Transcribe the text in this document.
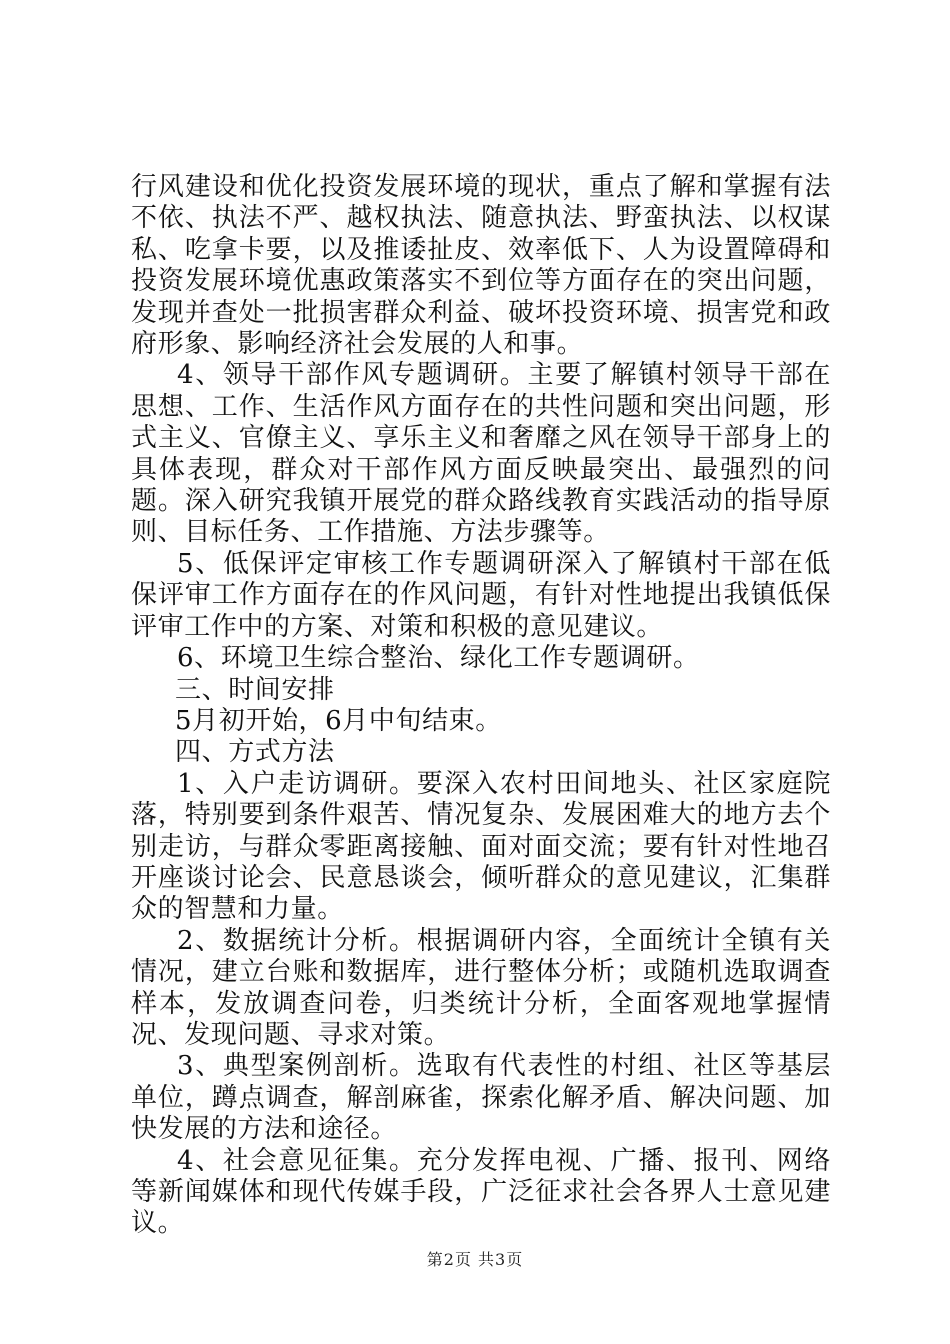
行风建设和优化投资发展环境的现状，重点了解和掌握有法不依、执法不严、越权执法、随意执法、野蛮执法、以权谋私、吃拿卡要，以及推诿扯皮、效率低下、人为设置障碍和投资发展环境优惠政策落实不到位等方面存在的突出问题，发现并查处一批损害群众利益、破坏投资环境、损害党和政府形象、影响经济社会发展的人和事。

4、领导干部作风专题调研。主要了解镇村领导干部在思想、工作、生活作风方面存在的共性问题和突出问题，形式主义、官僚主义、享乐主义和奢靡之风在领导干部身上的具体表现，群众对干部作风方面反映最突出、最强烈的问题。深入研究我镇开展党的群众路线教育实践活动的指导原则、目标任务、工作措施、方法步骤等。

5、低保评定审核工作专题调研深入了解镇村干部在低保评审工作方面存在的作风问题，有针对性地提出我镇低保评审工作中的方案、对策和积极的意见建议。

6、环境卫生综合整治、绿化工作专题调研。

三、时间安排

5月初开始，6月中旬结束。

四、方式方法

1、入户走访调研。要深入农村田间地头、社区家庭院落，特别要到条件艰苦、情况复杂、发展困难大的地方去个别走访，与群众零距离接触、面对面交流；要有针对性地召开座谈讨论会、民意恳谈会，倾听群众的意见建议，汇集群众的智慧和力量。

2、数据统计分析。根据调研内容，全面统计全镇有关情况，建立台账和数据库，进行整体分析；或随机选取调查样本，发放调查问卷，归类统计分析，全面客观地掌握情况、发现问题、寻求对策。

3、典型案例剖析。选取有代表性的村组、社区等基层单位，蹲点调查，解剖麻雀，探索化解矛盾、解决问题、加快发展的方法和途径。

4、社会意见征集。充分发挥电视、广播、报刊、网络等新闻媒体和现代传媒手段，广泛征求社会各界人士意见建议。

第2页 共3页
